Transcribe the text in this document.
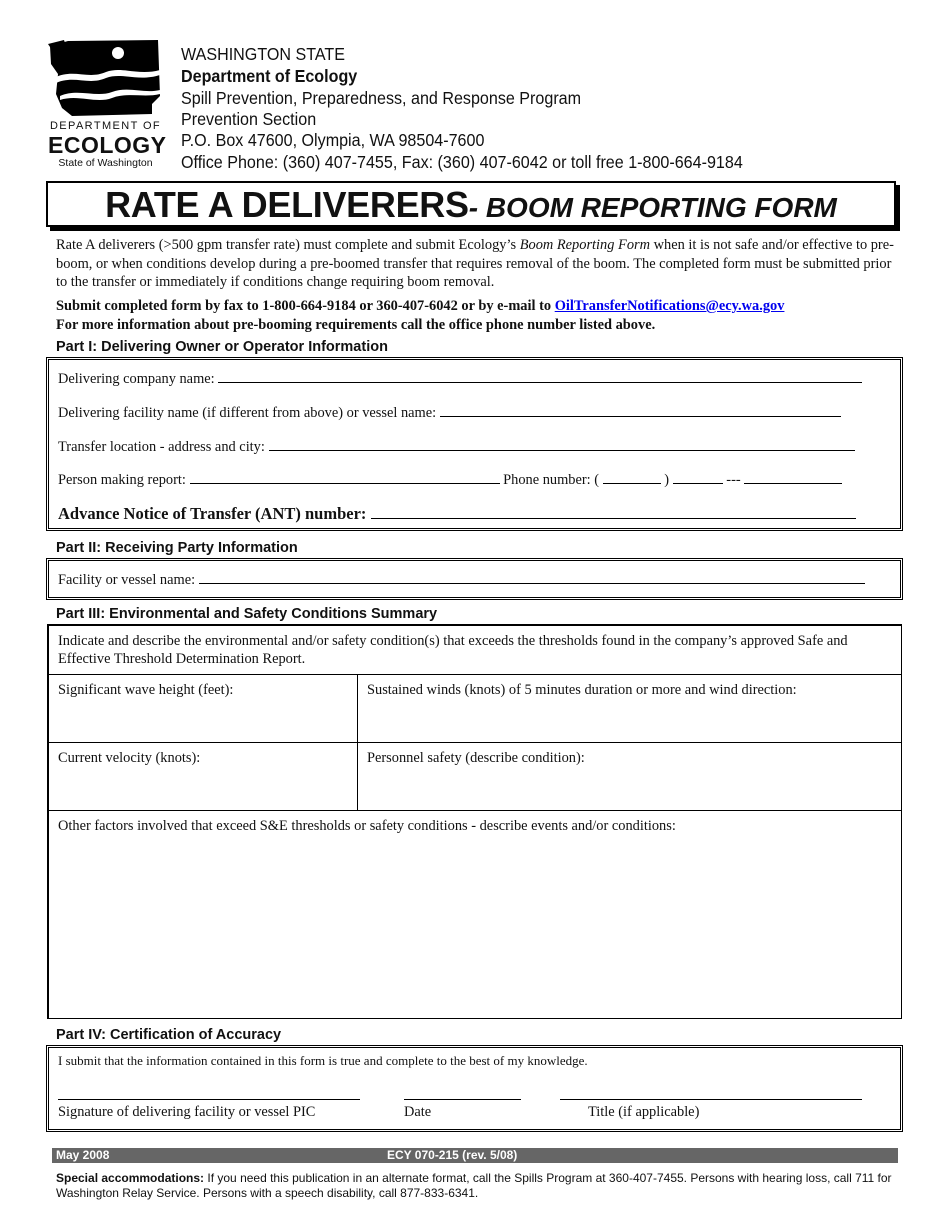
DEPARTMENT OF
ECOLOGY
State of Washington
WASHINGTON STATE
Department of Ecology
Spill Prevention, Preparedness, and Response Program
Prevention Section
P.O. Box 47600, Olympia, WA 98504-7600
Office Phone: (360) 407-7455, Fax: (360) 407-6042 or toll free 1-800-664-9184
RATE A DELIVERERS- BOOM REPORTING FORM
Rate A deliverers (>500 gpm transfer rate) must complete and submit Ecology’s Boom Reporting Form when it is not safe and/or effective to pre-boom, or when conditions develop during a pre-boomed transfer that requires removal of the boom. The completed form must be submitted prior to the transfer or immediately if conditions change requiring boom removal.
Submit completed form by fax to 1-800-664-9184 or 360-407-6042 or by e-mail to OilTransferNotifications@ecy.wa.gov
For more information about pre-booming requirements call the office phone number listed above.
Part I: Delivering Owner or Operator Information
Delivering company name:
Delivering facility name (if different from above) or vessel name:
Transfer location - address and city:
Person making report:	Phone number: (	)	---
Advance Notice of Transfer (ANT) number:
Part II: Receiving Party Information
Facility or vessel name:
Part III: Environmental and Safety Conditions Summary
Indicate and describe the environmental and/or safety condition(s) that exceeds the thresholds found in the company’s approved Safe and Effective Threshold Determination Report.	
Significant wave height (feet):	Sustained winds (knots) of 5 minutes duration or more and wind direction:
Current velocity (knots):	Personnel safety (describe condition):
Other factors involved that exceed S&E thresholds or safety conditions - describe events and/or conditions:	
Part IV: Certification of Accuracy
I submit that the information contained in this form is true and complete to the best of my knowledge.
Signature of delivering facility or vessel PIC	Date	Title (if applicable)
May 2008	ECY 070-215 (rev. 5/08)
Special accommodations: If you need this publication in an alternate format, call the Spills Program at 360-407-7455. Persons with hearing loss, call 711 for Washington Relay Service. Persons with a speech disability, call 877-833-6341.
